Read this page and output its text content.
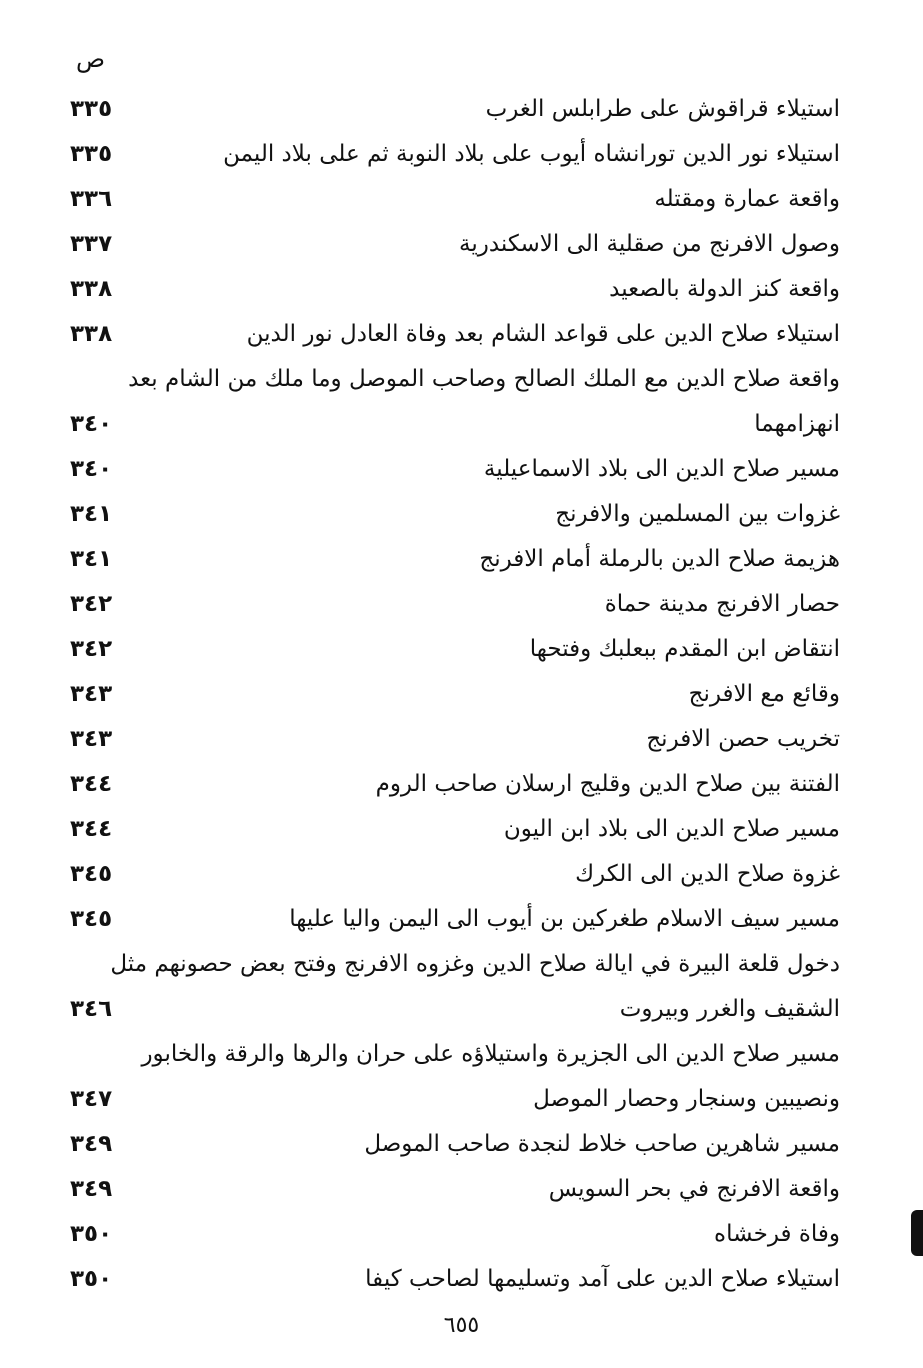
ص
استيلاء قراقوش على طرابلس الغرب
٣٣٥
استيلاء نور الدين تورانشاه أيوب على بلاد النوبة ثم على بلاد اليمن
٣٣٥
واقعة عمارة ومقتله
٣٣٦
وصول الافرنج من صقلية الى الاسكندرية
٣٣٧
واقعة كنز الدولة بالصعيد
٣٣٨
استيلاء صلاح الدين على قواعد الشام بعد وفاة العادل نور الدين
٣٣٨
واقعة صلاح الدين مع الملك الصالح وصاحب الموصل وما ملك من الشام بعد
انهزامهما
٣٤٠
مسير صلاح الدين الى بلاد الاسماعيلية
٣٤٠
غزوات بين المسلمين والافرنج
٣٤١
هزيمة صلاح الدين بالرملة أمام الافرنج
٣٤١
حصار الافرنج مدينة حماة
٣٤٢
انتقاض ابن المقدم ببعلبك وفتحها
٣٤٢
وقائع مع الافرنج
٣٤٣
تخريب حصن الافرنج
٣٤٣
الفتنة بين صلاح الدين وقليج ارسلان صاحب الروم
٣٤٤
مسير صلاح الدين الى بلاد ابن اليون
٣٤٤
غزوة صلاح الدين الى الكرك
٣٤٥
مسير سيف الاسلام طغركين بن أيوب الى اليمن واليا عليها
٣٤٥
دخول قلعة البيرة في ايالة صلاح الدين وغزوه الافرنج وفتح بعض حصونهم مثل
الشقيف والغرر وبيروت
٣٤٦
مسير صلاح الدين الى الجزيرة واستيلاؤه على حران والرها والرقة والخابور
ونصيبين وسنجار وحصار الموصل
٣٤٧
مسير شاهرين صاحب خلاط لنجدة صاحب الموصل
٣٤٩
واقعة الافرنج في بحر السويس
٣٤٩
وفاة فرخشاه
٣٥٠
استيلاء صلاح الدين على آمد وتسليمها لصاحب كيفا
٣٥٠
٦٥٥
